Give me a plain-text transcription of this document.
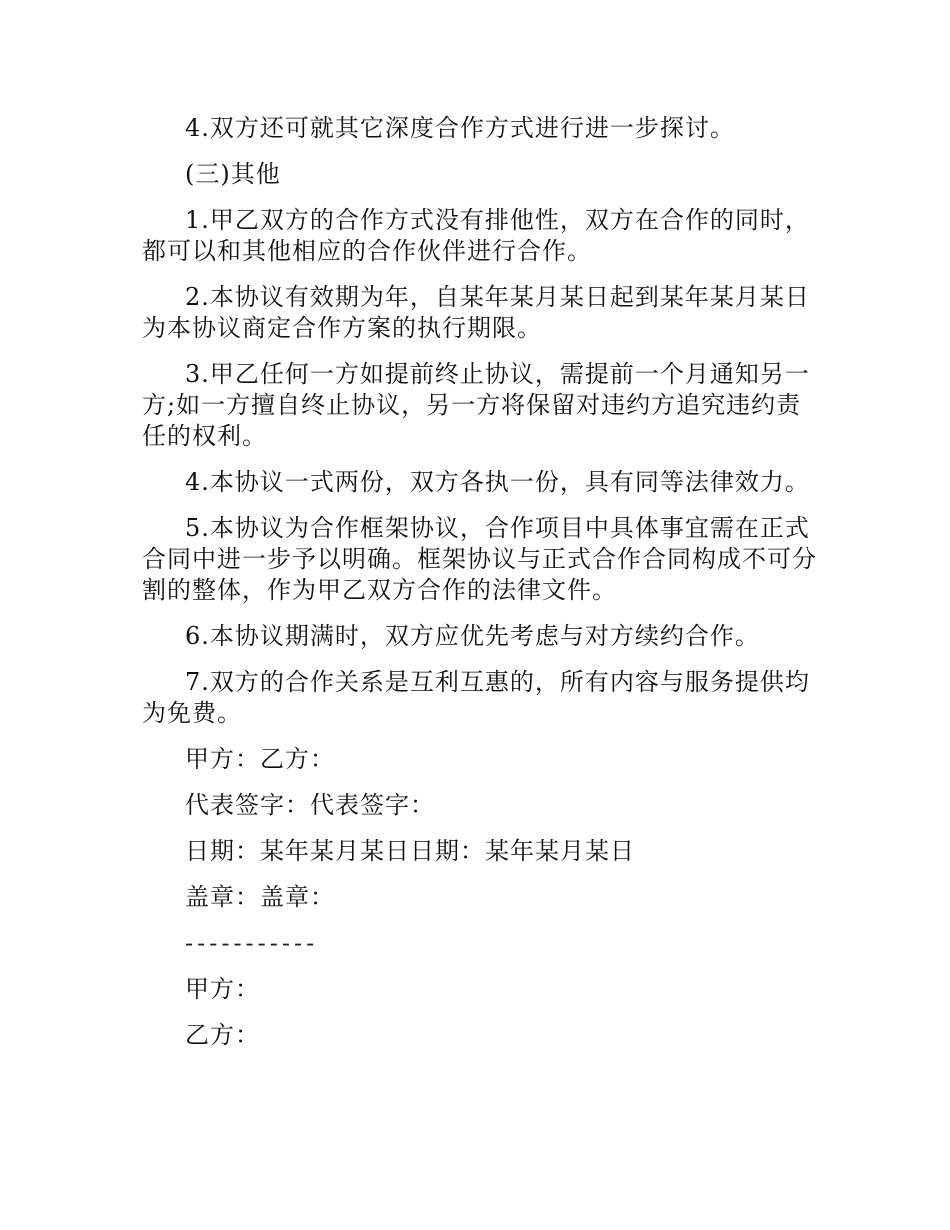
4.双方还可就其它深度合作方式进行进一步探讨。
(三)其他
1.甲乙双方的合作方式没有排他性，双方在合作的同时，
都可以和其他相应的合作伙伴进行合作。
2.本协议有效期为年，自某年某月某日起到某年某月某日
为本协议商定合作方案的执行期限。
3.甲乙任何一方如提前终止协议，需提前一个月通知另一
方;如一方擅自终止协议，另一方将保留对违约方追究违约责
任的权利。
4.本协议一式两份，双方各执一份，具有同等法律效力。
5.本协议为合作框架协议，合作项目中具体事宜需在正式
合同中进一步予以明确。框架协议与正式合作合同构成不可分
割的整体，作为甲乙双方合作的法律文件。
6.本协议期满时，双方应优先考虑与对方续约合作。
7.双方的合作关系是互利互惠的，所有内容与服务提供均
为免费。
甲方：乙方：
代表签字：代表签字：
日期：某年某月某日日期：某年某月某日
盖章：盖章：
-----------
甲方：
乙方：
